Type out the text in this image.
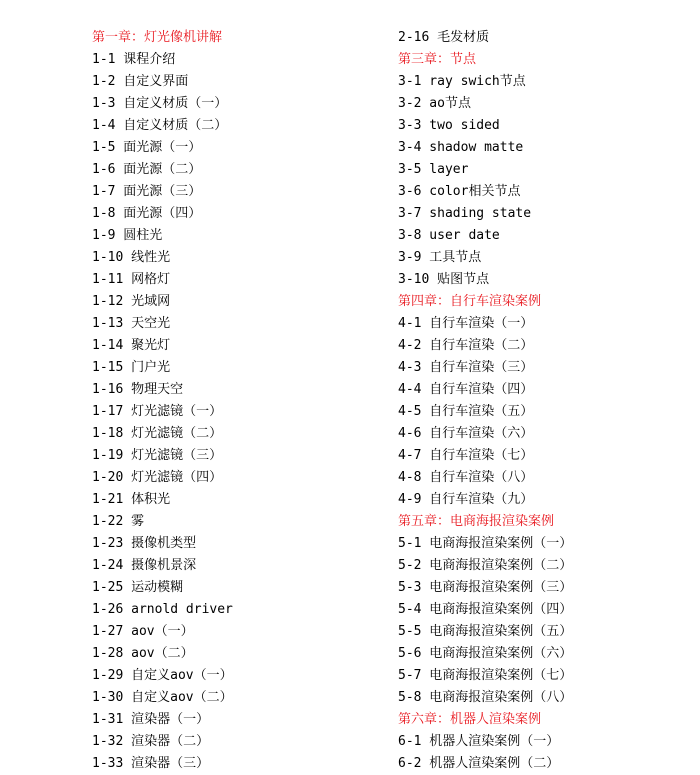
第一章：灯光像机讲解
1-1 课程介绍
1-2 自定义界面
1-3 自定义材质（一）
1-4 自定义材质（二）
1-5 面光源（一）
1-6 面光源（二）
1-7 面光源（三）
1-8 面光源（四）
1-9 圆柱光
1-10 线性光
1-11 网格灯
1-12 光域网
1-13 天空光
1-14 聚光灯
1-15 门户光
1-16 物理天空
1-17 灯光滤镜（一）
1-18 灯光滤镜（二）
1-19 灯光滤镜（三）
1-20 灯光滤镜（四）
1-21 体积光
1-22 雾
1-23 摄像机类型
1-24 摄像机景深
1-25 运动模糊
1-26 arnold driver
1-27 aov（一）
1-28 aov（二）
1-29 自定义aov（一）
1-30 自定义aov（二）
1-31 渲染器（一）
1-32 渲染器（二）
1-33 渲染器（三）
2-16 毛发材质
第三章：节点
3-1 ray swich节点
3-2 ao节点
3-3 two sided
3-4 shadow matte
3-5 layer
3-6 color相关节点
3-7 shading state
3-8 user date
3-9 工具节点
3-10 贴图节点
第四章：自行车渲染案例
4-1 自行车渲染（一）
4-2 自行车渲染（二）
4-3 自行车渲染（三）
4-4 自行车渲染（四）
4-5 自行车渲染（五）
4-6 自行车渲染（六）
4-7 自行车渲染（七）
4-8 自行车渲染（八）
4-9 自行车渲染（九）
第五章：电商海报渲染案例
5-1 电商海报渲染案例（一）
5-2 电商海报渲染案例（二）
5-3 电商海报渲染案例（三）
5-4 电商海报渲染案例（四）
5-5 电商海报渲染案例（五）
5-6 电商海报渲染案例（六）
5-7 电商海报渲染案例（七）
5-8 电商海报渲染案例（八）
第六章：机器人渲染案例
6-1 机器人渲染案例（一）
6-2 机器人渲染案例（二）
